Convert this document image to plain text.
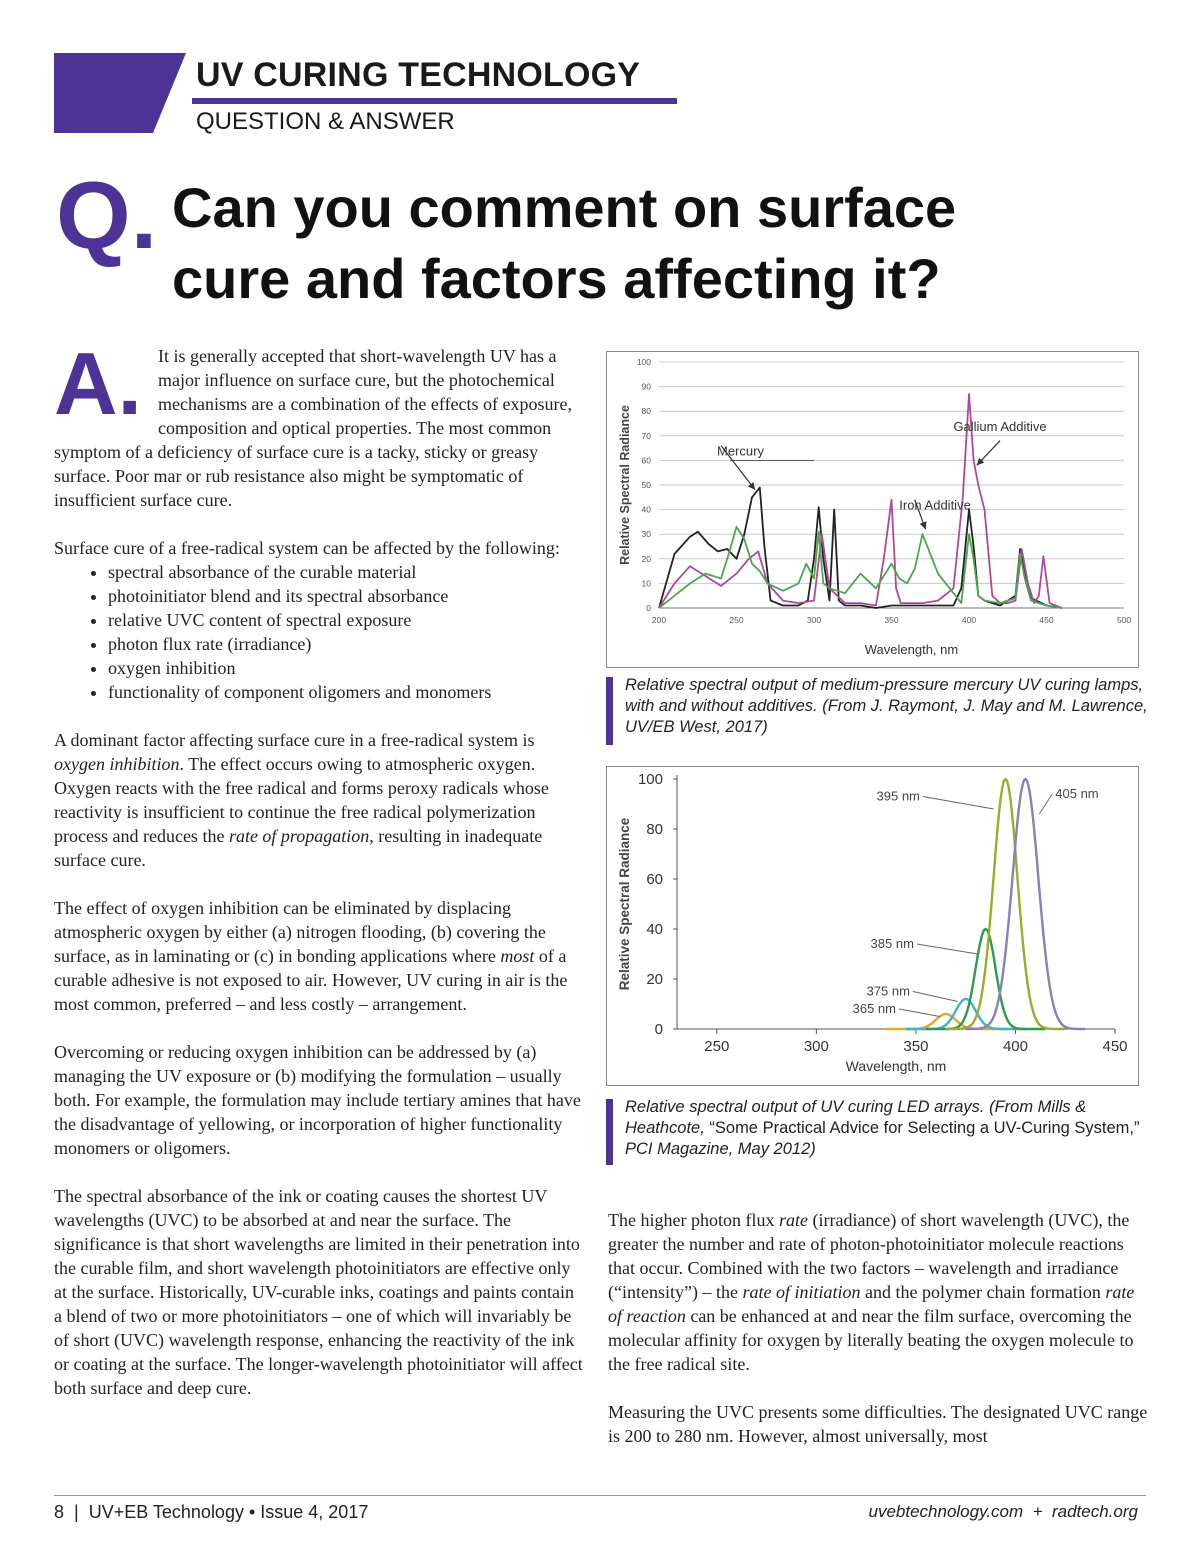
UV CURING TECHNOLOGY
QUESTION & ANSWER
Q. Can you comment on surface cure and factors affecting it?

A. It is generally accepted that short-wavelength UV has a major influence on surface cure, but the photochemical mechanisms are a combination of the effects of exposure, composition and optical properties. The most common symptom of a deficiency of surface cure is a tacky, sticky or greasy surface. Poor mar or rub resistance also might be symptomatic of insufficient surface cure.

Surface cure of a free-radical system can be affected by the following:

• spectral absorbance of the curable material
• photoinitiator blend and its spectral absorbance
• relative UVC content of spectral exposure
• photon flux rate (irradiance)
• oxygen inhibition
• functionality of component oligomers and monomers

A dominant factor affecting surface cure in a free-radical system is oxygen inhibition. The effect occurs owing to atmospheric oxygen. Oxygen reacts with the free radical and forms peroxy radicals whose reactivity is insufficient to continue the free radical polymerization process and reduces the rate of propagation, resulting in inadequate surface cure.

The effect of oxygen inhibition can be eliminated by displacing atmospheric oxygen by either (a) nitrogen flooding, (b) covering the surface, as in laminating or (c) in bonding applications where most of a curable adhesive is not exposed to air. However, UV curing in air is the most common, preferred – and less costly – arrangement.

Overcoming or reducing oxygen inhibition can be addressed by (a) managing the UV exposure or (b) modifying the formulation – usually both. For example, the formulation may include tertiary amines that have the disadvantage of yellowing, or incorporation of higher functionality monomers or oligomers.

The spectral absorbance of the ink or coating causes the shortest UV wavelengths (UVC) to be absorbed at and near the surface. The significance is that short wavelengths are limited in their penetration into the curable film, and short wavelength photoinitiators are effective only at the surface. Historically, UV-curable inks, coatings and paints contain a blend of two or more photoinitiators – one of which will invariably be of short (UVC) wavelength response, enhancing the reactivity of the ink or coating at the surface. The longer-wavelength photoinitiator will affect both surface and deep cure.

0
10
20
30
40
50
60
70
80
90
100
200	250	300	350	400	450	500
Wavelength, nm
Relative Spectral Radiance	Mercury
Iron Additive
Gallium Additive
Relative spectral output of medium-pressure mercury UV curing lamps, with and without additives. (From J. Raymont, J. May and M. Lawrence, UV/EB West, 2017)
0
20
40
60
80
100
250	300	350	400	450
Wavelength, nm
Relative Spectral Radiance
395 nm	405 nm
385 nm
375 nm
365 nm
Relative spectral output of UV curing LED arrays. (From Mills & Heathcote, “Some Practical Advice for Selecting a UV-Curing System,” PCI Magazine, May 2012)

The higher photon flux rate (irradiance) of short wavelength (UVC), the greater the number and rate of photon-photoinitiator molecule reactions that occur. Combined with the two factors – wavelength and irradiance (“intensity”) – the rate of initiation and the polymer chain formation rate of reaction can be enhanced at and near the film surface, overcoming the molecular affinity for oxygen by literally beating the oxygen molecule to the free radical site.

Measuring the UVC presents some difficulties. The designated UVC range is 200 to 280 nm. However, almost universally, most

8  |  UV+EB Technology • Issue 4, 2017	uvebtechnology.com  +  radtech.org
